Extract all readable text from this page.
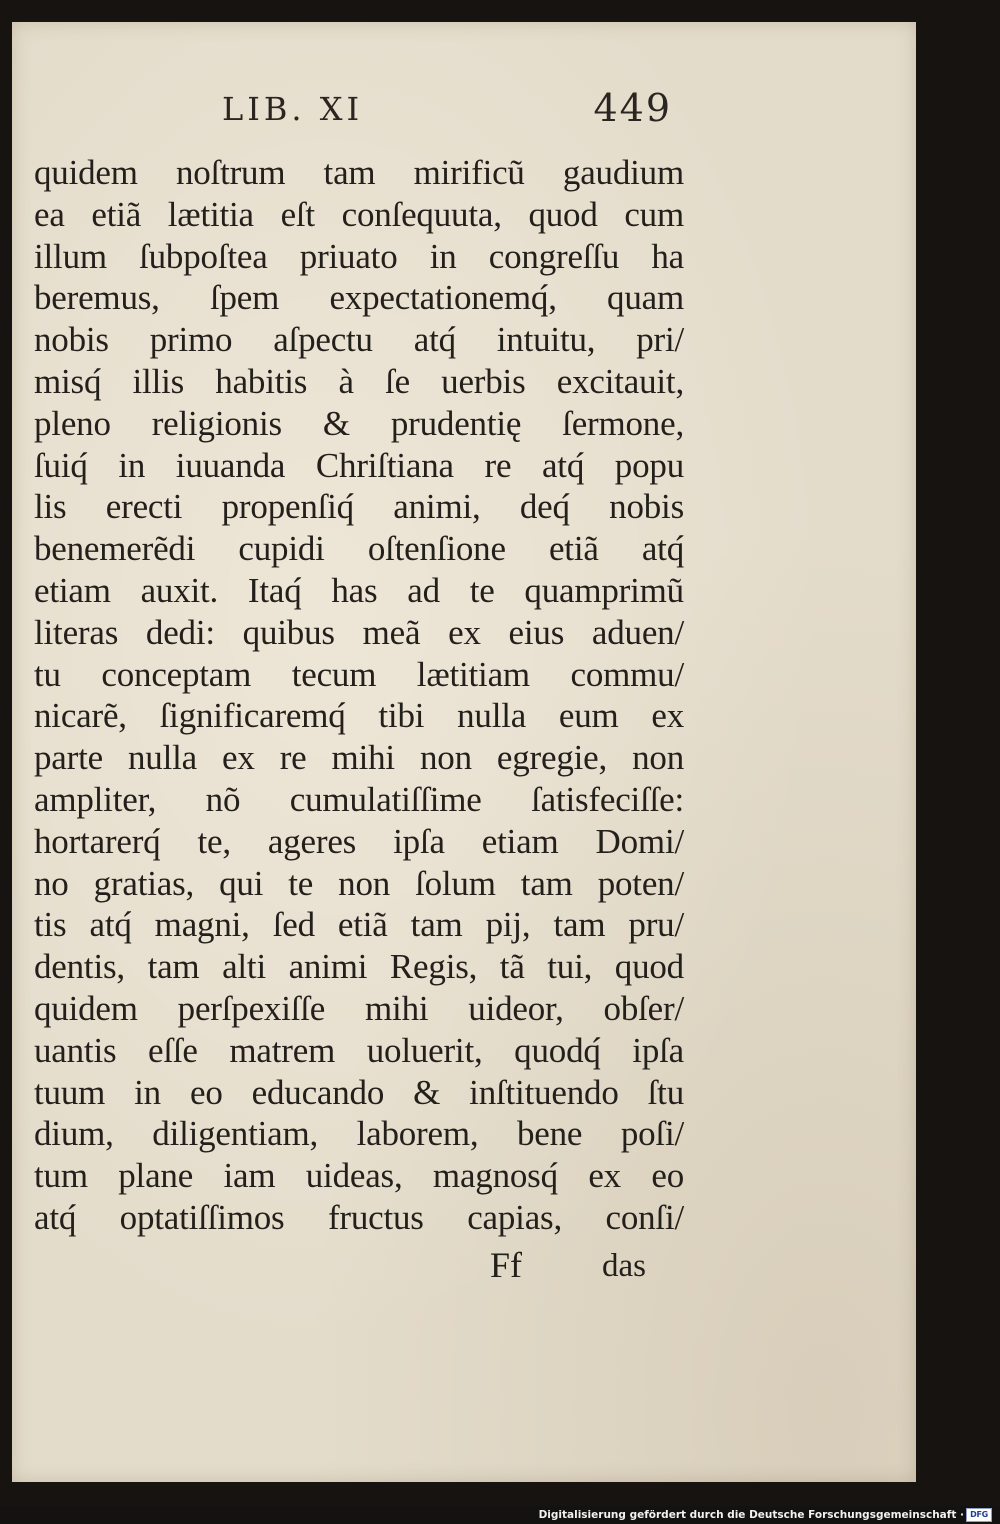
LIB. XI	449
quidem noſtrum tam mirificũ gaudium
ea etiã lætitia eſt conſequuta, quod cum
illum ſubpoſtea priuato in congreſſu ha
beremus, ſpem expectationemq́, quam
nobis primo aſpectu atq́ intuitu, pri/
misq́ illis habitis à ſe uerbis excitauit,
pleno religionis & prudentię ſermone,
ſuiq́ in iuuanda Chriſtiana re atq́ popu
lis erecti propenſiq́ animi, deq́ nobis
benemerẽdi cupidi oſtenſione etiã atq́
etiam auxit. Itaq́ has ad te quamprimũ
literas dedi: quibus meã ex eius aduen/
tu conceptam tecum lætitiam commu/
nicarẽ, ſignificaremq́ tibi nulla eum ex
parte nulla ex re mihi non egregie, non
ampliter, nõ cumulatiſſime ſatisfeciſſe:
hortarerq́ te, ageres ipſa etiam Domi/
no gratias, qui te non ſolum tam poten/
tis atq́ magni, ſed etiã tam pij, tam pru/
dentis, tam alti animi Regis, tã tui, quod
quidem perſpexiſſe mihi uideor, obſer/
uantis eſſe matrem uoluerit, quodq́ ipſa
tuum in eo educando & inſtituendo ſtu
dium, diligentiam, laborem, bene poſi/
tum plane iam uideas, magnosq́ ex eo
atq́ optatiſſimos fructus capias, conſi/
Ff das
Digitalisierung gefördert durch die Deutsche Forschungsgemeinschaft · DFG
